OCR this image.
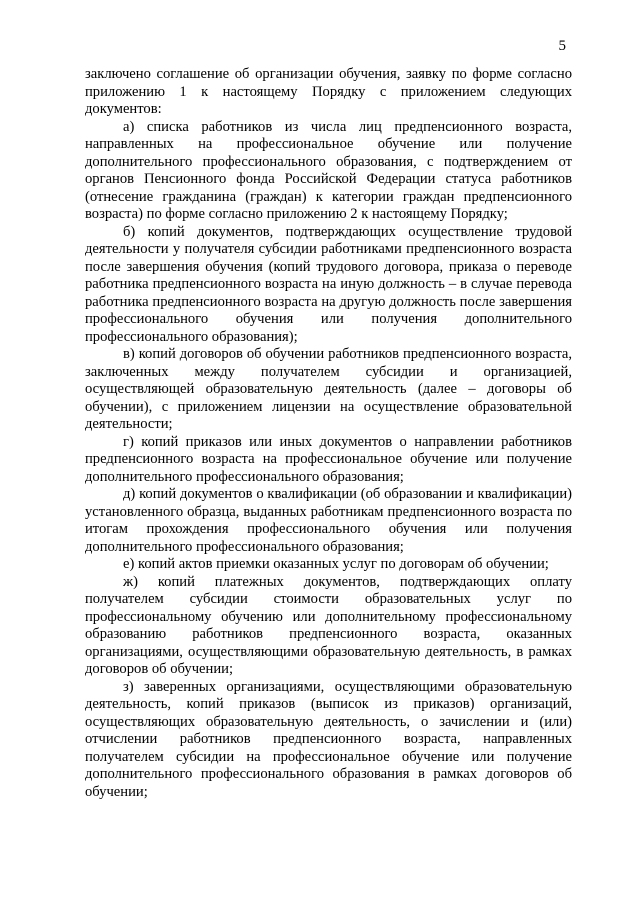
5

заключено соглашение об организации обучения, заявку по форме согласно приложению 1 к настоящему Порядку с приложением следующих документов:

а) списка работников из числа лиц предпенсионного возраста, направленных на профессиональное обучение или получение дополнительного профессионального образования, с подтверждением от органов Пенсионного фонда Российской Федерации статуса работников (отнесение гражданина (граждан) к категории граждан предпенсионного возраста) по форме согласно приложению 2 к настоящему Порядку;

б) копий документов, подтверждающих осуществление трудовой деятельности у получателя субсидии работниками предпенсионного возраста после завершения обучения (копий трудового договора, приказа о переводе работника предпенсионного возраста на иную должность – в случае перевода работника предпенсионного возраста на другую должность после завершения профессионального обучения или получения дополнительного профессионального образования);

в) копий договоров об обучении работников предпенсионного возраста, заключенных между получателем субсидии и организацией, осуществляющей образовательную деятельность (далее – договоры об обучении), с приложением лицензии на осуществление образовательной деятельности;

г) копий приказов или иных документов о направлении работников предпенсионного возраста на профессиональное обучение или получение дополнительного профессионального образования;

д) копий документов о квалификации (об образовании и квалификации) установленного образца, выданных работникам предпенсионного возраста по итогам прохождения профессионального обучения или получения дополнительного профессионального образования;

е) копий актов приемки оказанных услуг по договорам об обучении;

ж) копий платежных документов, подтверждающих оплату получателем субсидии стоимости образовательных услуг по профессиональному обучению или дополнительному профессиональному образованию работников предпенсионного возраста, оказанных организациями, осуществляющими образовательную деятельность, в рамках договоров об обучении;

з) заверенных организациями, осуществляющими образовательную деятельность, копий приказов (выписок из приказов) организаций, осуществляющих образовательную деятельность, о зачислении и (или) отчислении работников предпенсионного возраста, направленных получателем субсидии на профессиональное обучение или получение дополнительного профессионального образования в рамках договоров об обучении;
